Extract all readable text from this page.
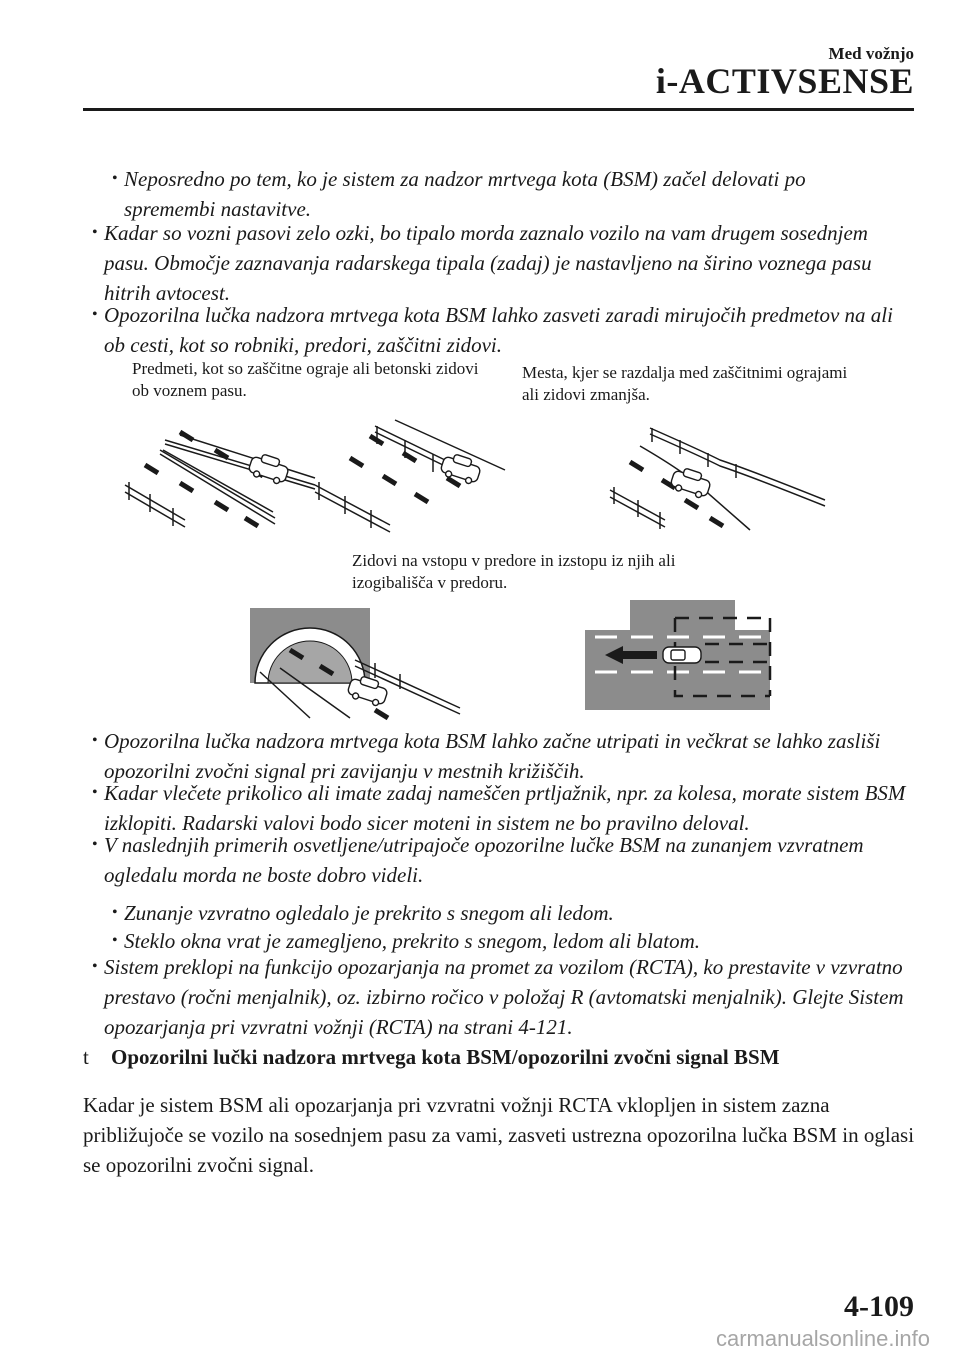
Med vožnjo
i-ACTIVSENSE
• Neposredno po tem, ko je sistem za nadzor mrtvega kota (BSM) začel delovati po spremembi nastavitve.
• Kadar so vozni pasovi zelo ozki, bo tipalo morda zaznalo vozilo na vam drugem sosednjem pasu. Območje zaznavanja radarskega tipala (zadaj) je nastavljeno na širino voznega pasu hitrih avtocest.
• Opozorilna lučka nadzora mrtvega kota BSM lahko zasveti zaradi mirujočih predmetov na ali ob cesti, kot so robniki, predori, zaščitni zidovi.
Predmeti, kot so zaščitne ograje ali betonski zidovi ob voznem pasu.
Mesta, kjer se razdalja med zaščitnimi ograjami ali zidovi zmanjša.
Zidovi na vstopu v predore in izstopu iz njih ali izogibališča v predoru.
• Opozorilna lučka nadzora mrtvega kota BSM lahko začne utripati in večkrat se lahko zasliši opozorilni zvočni signal pri zavijanju v mestnih križiščih.
• Kadar vlečete prikolico ali imate zadaj nameščen prtljažnik, npr. za kolesa, morate sistem BSM izklopiti. Radarski valovi bodo sicer moteni in sistem ne bo pravilno deloval.
• V naslednjih primerih osvetljene/utripajoče opozorilne lučke BSM na zunanjem vzvratnem ogledalu morda ne boste dobro videli.
• Zunanje vzvratno ogledalo je prekrito s snegom ali ledom.
• Steklo okna vrat je zamegljeno, prekrito s snegom, ledom ali blatom.
• Sistem preklopi na funkcijo opozarjanja na promet za vozilom (RCTA), ko prestavite v vzvratno prestavo (ročni menjalnik), oz. izbirno ročico v položaj R (avtomatski menjalnik). Glejte Sistem opozarjanja pri vzvratni vožnji (RCTA) na strani 4-121.
t Opozorilni lučki nadzora mrtvega kota BSM/opozorilni zvočni signal BSM
Kadar je sistem BSM ali opozarjanja pri vzvratni vožnji RCTA vklopljen in sistem zazna približujoče se vozilo na sosednjem pasu za vami, zasveti ustrezna opozorilna lučka BSM in oglasi se opozorilni zvočni signal.
4-109
carmanualsonline.info
